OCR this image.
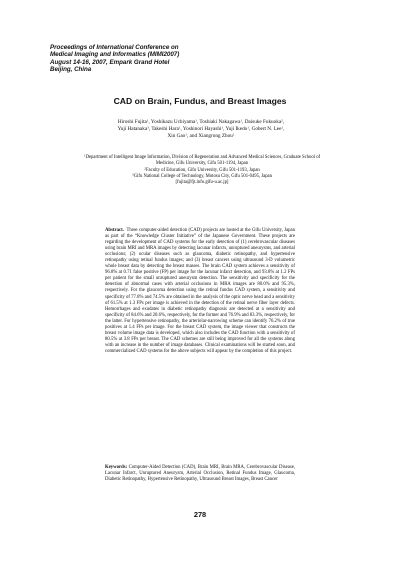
Proceedings of International Conference on
Medical Imaging and Informatics (MIMI2007)
August 14-16, 2007, Empark Grand Hotel
Beijing, China
CAD on Brain, Fundus, and Breast Images
Hiroshi Fujita$^1$, Yoshikazu Uchiyama$^1$, Toshiaki Nakagawa$^1$, Daisuke Fukuoka$^2$,
Yuji Hatanaka$^3$, Takeshi Hara$^1$, Yoshinori Hayashi$^1$, Yuji Ikedo$^1$, Gobert N. Lee$^1$,
Xin Gao$^1$, and Xiangrong Zhou$^1$
$^1$Department of Intelligent Image Information, Division of Regeneration and Advanced Medical Sciences, Graduate School of Medicine, Gifu University, Gifu 501-1194, Japan
$^2$Faculty of Education, Gifu University, Gifu 501-1193, Japan
$^3$Gifu National College of Technology, Motosu City, Gifu 501-0495, Japan
[fujita@fjt.info.gifu-u.ac.jp]
Abstract. Three computer-aided detection (CAD) projects are hosted at the Gifu University, Japan as part of the “Knowledge Cluster Initiative” of the Japanese Government. These projects are regarding the development of CAD systems for the early detection of (1) cerebrovascular diseases using brain MRI and MRA images by detecting lacunar infarcts, unruptured aneurysms, and arterial occlusions; (2) ocular diseases such as glaucoma, diabetic retinopathy, and hypertensive retinopathy using retinal fundus images; and (3) breast cancers using ultrasound 3-D volumetric whole breast data by detecting the breast masses. The brain CAD system achieves a sensitivity of 96.8% at 0.71 false positive (FP) per image for the lacunar infarct detection, and 93.8% at 1.2 FPs per patient for the small unruptured aneurysm detection. The sensitivity and specificity for the detection of abnormal cases with arterial occlusions in MRA images are 80.0% and 95.3%, respectively. For the glaucoma detection using the retinal fundus CAD system, a sensitivity and specificity of 77.8% and 74.5% are obtained in the analysis of the optic nerve head and a sensitivity of 61.5% at 1.3 FPs per image is achieved in the detection of the retinal nerve fiber layer defects. Hemorrhages and exudates in diabetic retinopathy diagnosis are detected at a sensitivity and specificity of 84.6% and 20.6%, respectively, for the former and 76.9% and 83.3%, respectively, for the latter. For hypertensive retinopathy, the arteriolar-narrowing scheme can identify 76.2% of true positives at 1.4 FPs per image. For the breast CAD system, the image viewer that constructs the breast volume image data is developed, which also includes the CAD function with a sensitivity of 80.5% at 3.8 FPs per breast. The CAD schemes are still being improved for all the systems along with an increase in the number of image databases. Clinical examinations will be started soon, and commercialized CAD systems for the above subjects will appear by the completion of this project.
Keywords: Computer-Aided Detection (CAD), Brain MRI, Brain MRA, Cerebrovascular Disease, Lacunar Infarct, Unruptured Aneurysm, Arterial Occlusion, Retinal Fundus Image, Glaucoma, Diabetic Retinopathy, Hypertensive Retinopathy, Ultrasound Breast Images, Breast Cancer
278
